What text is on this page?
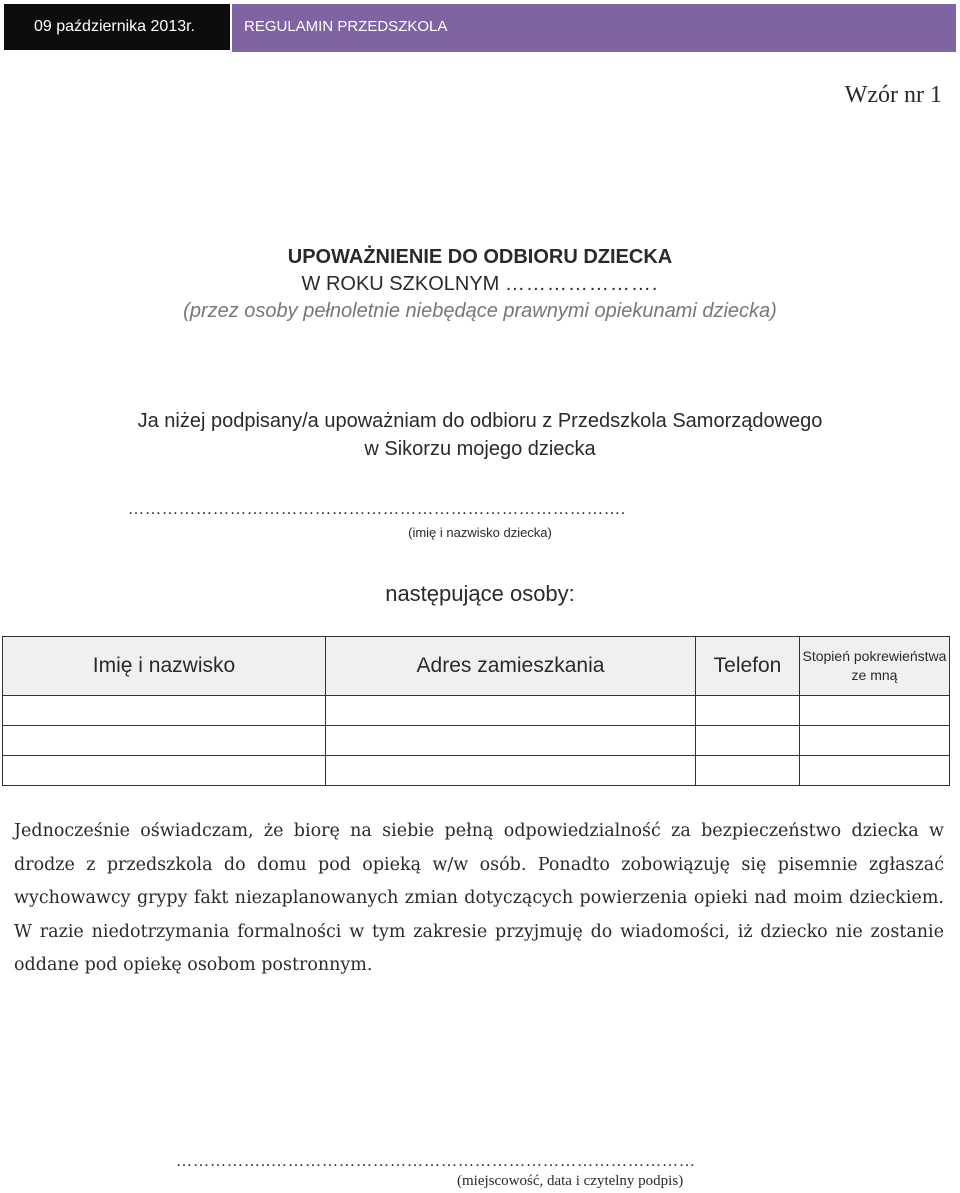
09 października 2013r.	REGULAMIN PRZEDSZKOLA
Wzór nr 1
UPOWAŻNIENIE DO ODBIORU DZIECKA
W ROKU SZKOLNYM ………………….
(przez osoby pełnoletnie niebędące prawnymi opiekunami dziecka)
Ja niżej podpisany/a upoważniam do odbioru z Przedszkola Samorządowego
w Sikorzu mojego dziecka
…………………………………………………………………………….
(imię i nazwisko dziecka)
następujące osoby:
Imię i nazwisko	Adres zamieszkania	Telefon	Stopień pokrewieństwa ze mną

Jednocześnie oświadczam, że biorę na siebie pełną odpowiedzialność za bezpieczeństwo dziecka w drodze z przedszkola do domu pod opieką w/w osób. Ponadto zobowiązuję się pisemnie zgłaszać wychowawcy grypy fakt niezaplanowanych zmian dotyczących powierzenia opieki nad moim dzieckiem. W razie niedotrzymania formalności w tym zakresie przyjmuję do wiadomości, iż dziecko nie zostanie oddane pod opiekę osobom postronnym.
……………..…………………………………………………………………
(miejscowość, data i czytelny podpis)
